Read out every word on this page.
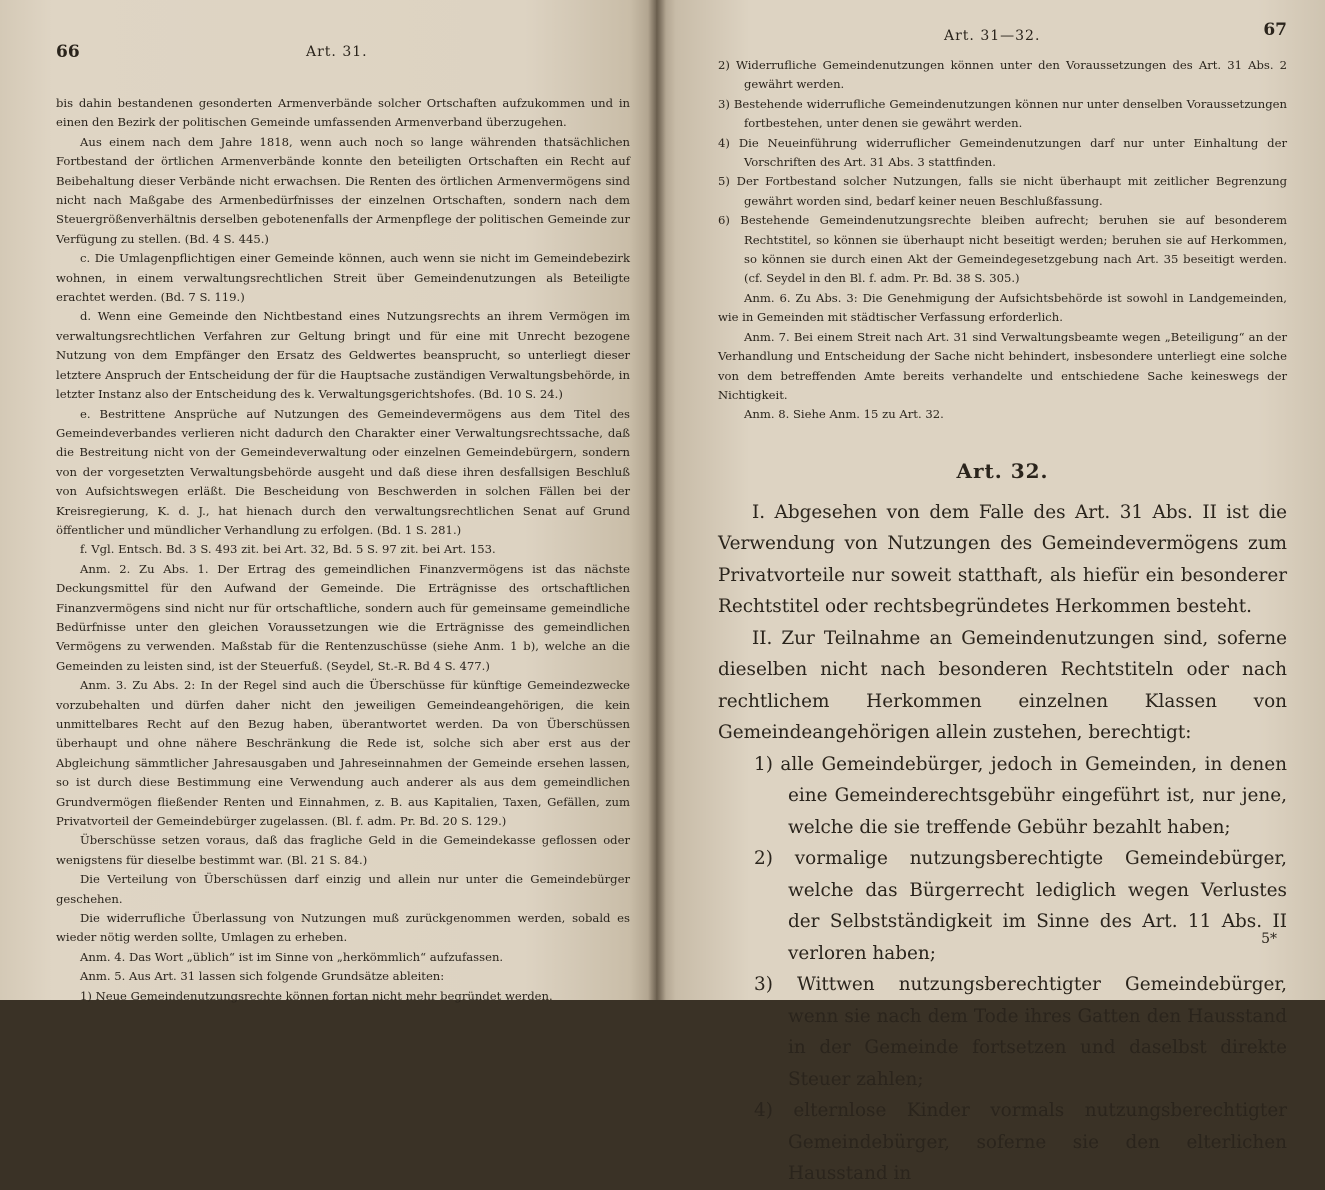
66	Art. 31.

bis dahin bestandenen gesonderten Armenverbände solcher Ortschaften aufzukommen und in einen den Bezirk der politischen Gemeinde umfassenden Armenverband überzugehen.

Aus einem nach dem Jahre 1818, wenn auch noch so lange währenden thatsächlichen Fortbestand der örtlichen Armenverbände konnte den beteiligten Ortschaften ein Recht auf Beibehaltung dieser Verbände nicht erwachsen. Die Renten des örtlichen Armenvermögens sind nicht nach Maßgabe des Armenbedürfnisses der einzelnen Ortschaften, sondern nach dem Steuergrößenverhältnis derselben gebotenenfalls der Armenpflege der politischen Gemeinde zur Verfügung zu stellen. (Bd. 4 S. 445.)

c. Die Umlagenpflichtigen einer Gemeinde können, auch wenn sie nicht im Gemeindebezirk wohnen, in einem verwaltungsrechtlichen Streit über Gemeindenutzungen als Beteiligte erachtet werden. (Bd. 7 S. 119.)

d. Wenn eine Gemeinde den Nichtbestand eines Nutzungsrechts an ihrem Vermögen im verwaltungsrechtlichen Verfahren zur Geltung bringt und für eine mit Unrecht bezogene Nutzung von dem Empfänger den Ersatz des Geldwertes beansprucht, so unterliegt dieser letztere Anspruch der Entscheidung der für die Hauptsache zuständigen Verwaltungsbehörde, in letzter Instanz also der Entscheidung des k. Verwaltungsgerichtshofes. (Bd. 10 S. 24.)

e. Bestrittene Ansprüche auf Nutzungen des Gemeindevermögens aus dem Titel des Gemeindeverbandes verlieren nicht dadurch den Charakter einer Verwaltungsrechtssache, daß die Bestreitung nicht von der Gemeindeverwaltung oder einzelnen Gemeindebürgern, sondern von der vorgesetzten Verwaltungsbehörde ausgeht und daß diese ihren desfallsigen Beschluß von Aufsichtswegen erläßt. Die Bescheidung von Beschwerden in solchen Fällen bei der Kreisregierung, K. d. J., hat hienach durch den verwaltungsrechtlichen Senat auf Grund öffentlicher und mündlicher Verhandlung zu erfolgen. (Bd. 1 S. 281.)

f. Vgl. Entsch. Bd. 3 S. 493 zit. bei Art. 32, Bd. 5 S. 97 zit. bei Art. 153.

Anm. 2. Zu Abs. 1. Der Ertrag des gemeindlichen Finanzvermögens ist das nächste Deckungsmittel für den Aufwand der Gemeinde. Die Erträgnisse des ortschaftlichen Finanzvermögens sind nicht nur für ortschaftliche, sondern auch für gemeinsame gemeindliche Bedürfnisse unter den gleichen Voraussetzungen wie die Erträgnisse des gemeindlichen Vermögens zu verwenden. Maßstab für die Rentenzuschüsse (siehe Anm. 1 b), welche an die Gemeinden zu leisten sind, ist der Steuerfuß. (Seydel, St.-R. Bd 4 S. 477.)

Anm. 3. Zu Abs. 2: In der Regel sind auch die Überschüsse für künftige Gemeindezwecke vorzubehalten und dürfen daher nicht den jeweiligen Gemeindeangehörigen, die kein unmittelbares Recht auf den Bezug haben, überantwortet werden. Da von Überschüssen überhaupt und ohne nähere Beschränkung die Rede ist, solche sich aber erst aus der Abgleichung sämmtlicher Jahresausgaben und Jahreseinnahmen der Gemeinde ersehen lassen, so ist durch diese Bestimmung eine Verwendung auch anderer als aus dem gemeindlichen Grundvermögen fließender Renten und Einnahmen, z. B. aus Kapitalien, Taxen, Gefällen, zum Privatvorteil der Gemeindebürger zugelassen. (Bl. f. adm. Pr. Bd. 20 S. 129.)

Überschüsse setzen voraus, daß das fragliche Geld in die Gemeindekasse geflossen oder wenigstens für dieselbe bestimmt war. (Bl. 21 S. 84.)

Die Verteilung von Überschüssen darf einzig und allein nur unter die Gemeindebürger geschehen.

Die widerrufliche Überlassung von Nutzungen muß zurückgenommen werden, sobald es wieder nötig werden sollte, Umlagen zu erheben.

Anm. 4. Das Wort „üblich“ ist im Sinne von „herkömmlich“ aufzufassen.

Anm. 5. Aus Art. 31 lassen sich folgende Grundsätze ableiten:

1) Neue Gemeindenutzungsrechte können fortan nicht mehr begründet werden.

Art. 31—32.	67

2) Widerrufliche Gemeindenutzungen können unter den Voraussetzungen des Art. 31 Abs. 2 gewährt werden.

3) Bestehende widerrufliche Gemeindenutzungen können nur unter denselben Voraussetzungen fortbestehen, unter denen sie gewährt werden.

4) Die Neueinführung widerruflicher Gemeindenutzungen darf nur unter Einhaltung der Vorschriften des Art. 31 Abs. 3 stattfinden.

5) Der Fortbestand solcher Nutzungen, falls sie nicht überhaupt mit zeitlicher Begrenzung gewährt worden sind, bedarf keiner neuen Beschlußfassung.

6) Bestehende Gemeindenutzungsrechte bleiben aufrecht; beruhen sie auf besonderem Rechtstitel, so können sie überhaupt nicht beseitigt werden; beruhen sie auf Herkommen, so können sie durch einen Akt der Gemeindegesetzgebung nach Art. 35 beseitigt werden. (cf. Seydel in den Bl. f. adm. Pr. Bd. 38 S. 305.)

Anm. 6. Zu Abs. 3: Die Genehmigung der Aufsichtsbehörde ist sowohl in Landgemeinden, wie in Gemeinden mit städtischer Verfassung erforderlich.

Anm. 7. Bei einem Streit nach Art. 31 sind Verwaltungsbeamte wegen „Beteiligung“ an der Verhandlung und Entscheidung der Sache nicht behindert, insbesondere unterliegt eine solche von dem betreffenden Amte bereits verhandelte und entschiedene Sache keineswegs der Nichtigkeit.

Anm. 8. Siehe Anm. 15 zu Art. 32.

Art. 32.

I. Abgesehen von dem Falle des Art. 31 Abs. II ist die Verwendung von Nutzungen des Gemeindevermögens zum Privatvorteile nur soweit statthaft, als hiefür ein besonderer Rechtstitel oder rechtsbegründetes Herkommen besteht.

II. Zur Teilnahme an Gemeindenutzungen sind, soferne dieselben nicht nach besonderen Rechtstiteln oder nach rechtlichem Herkommen einzelnen Klassen von Gemeindeangehörigen allein zustehen, berechtigt:

1) alle Gemeindebürger, jedoch in Gemeinden, in denen eine Gemeinderechtsgebühr eingeführt ist, nur jene, welche die sie treffende Gebühr bezahlt haben;

2) vormalige nutzungsberechtigte Gemeindebürger, welche das Bürgerrecht lediglich wegen Verlustes der Selbstständigkeit im Sinne des Art. 11 Abs. II verloren haben;

3) Wittwen nutzungsberechtigter Gemeindebürger, wenn sie nach dem Tode ihres Gatten den Hausstand in der Gemeinde fortsetzen und daselbst direkte Steuer zahlen;

4) elternlose Kinder vormals nutzungsberechtigter Gemeindebürger, soferne sie den elterlichen Hausstand in

5*
